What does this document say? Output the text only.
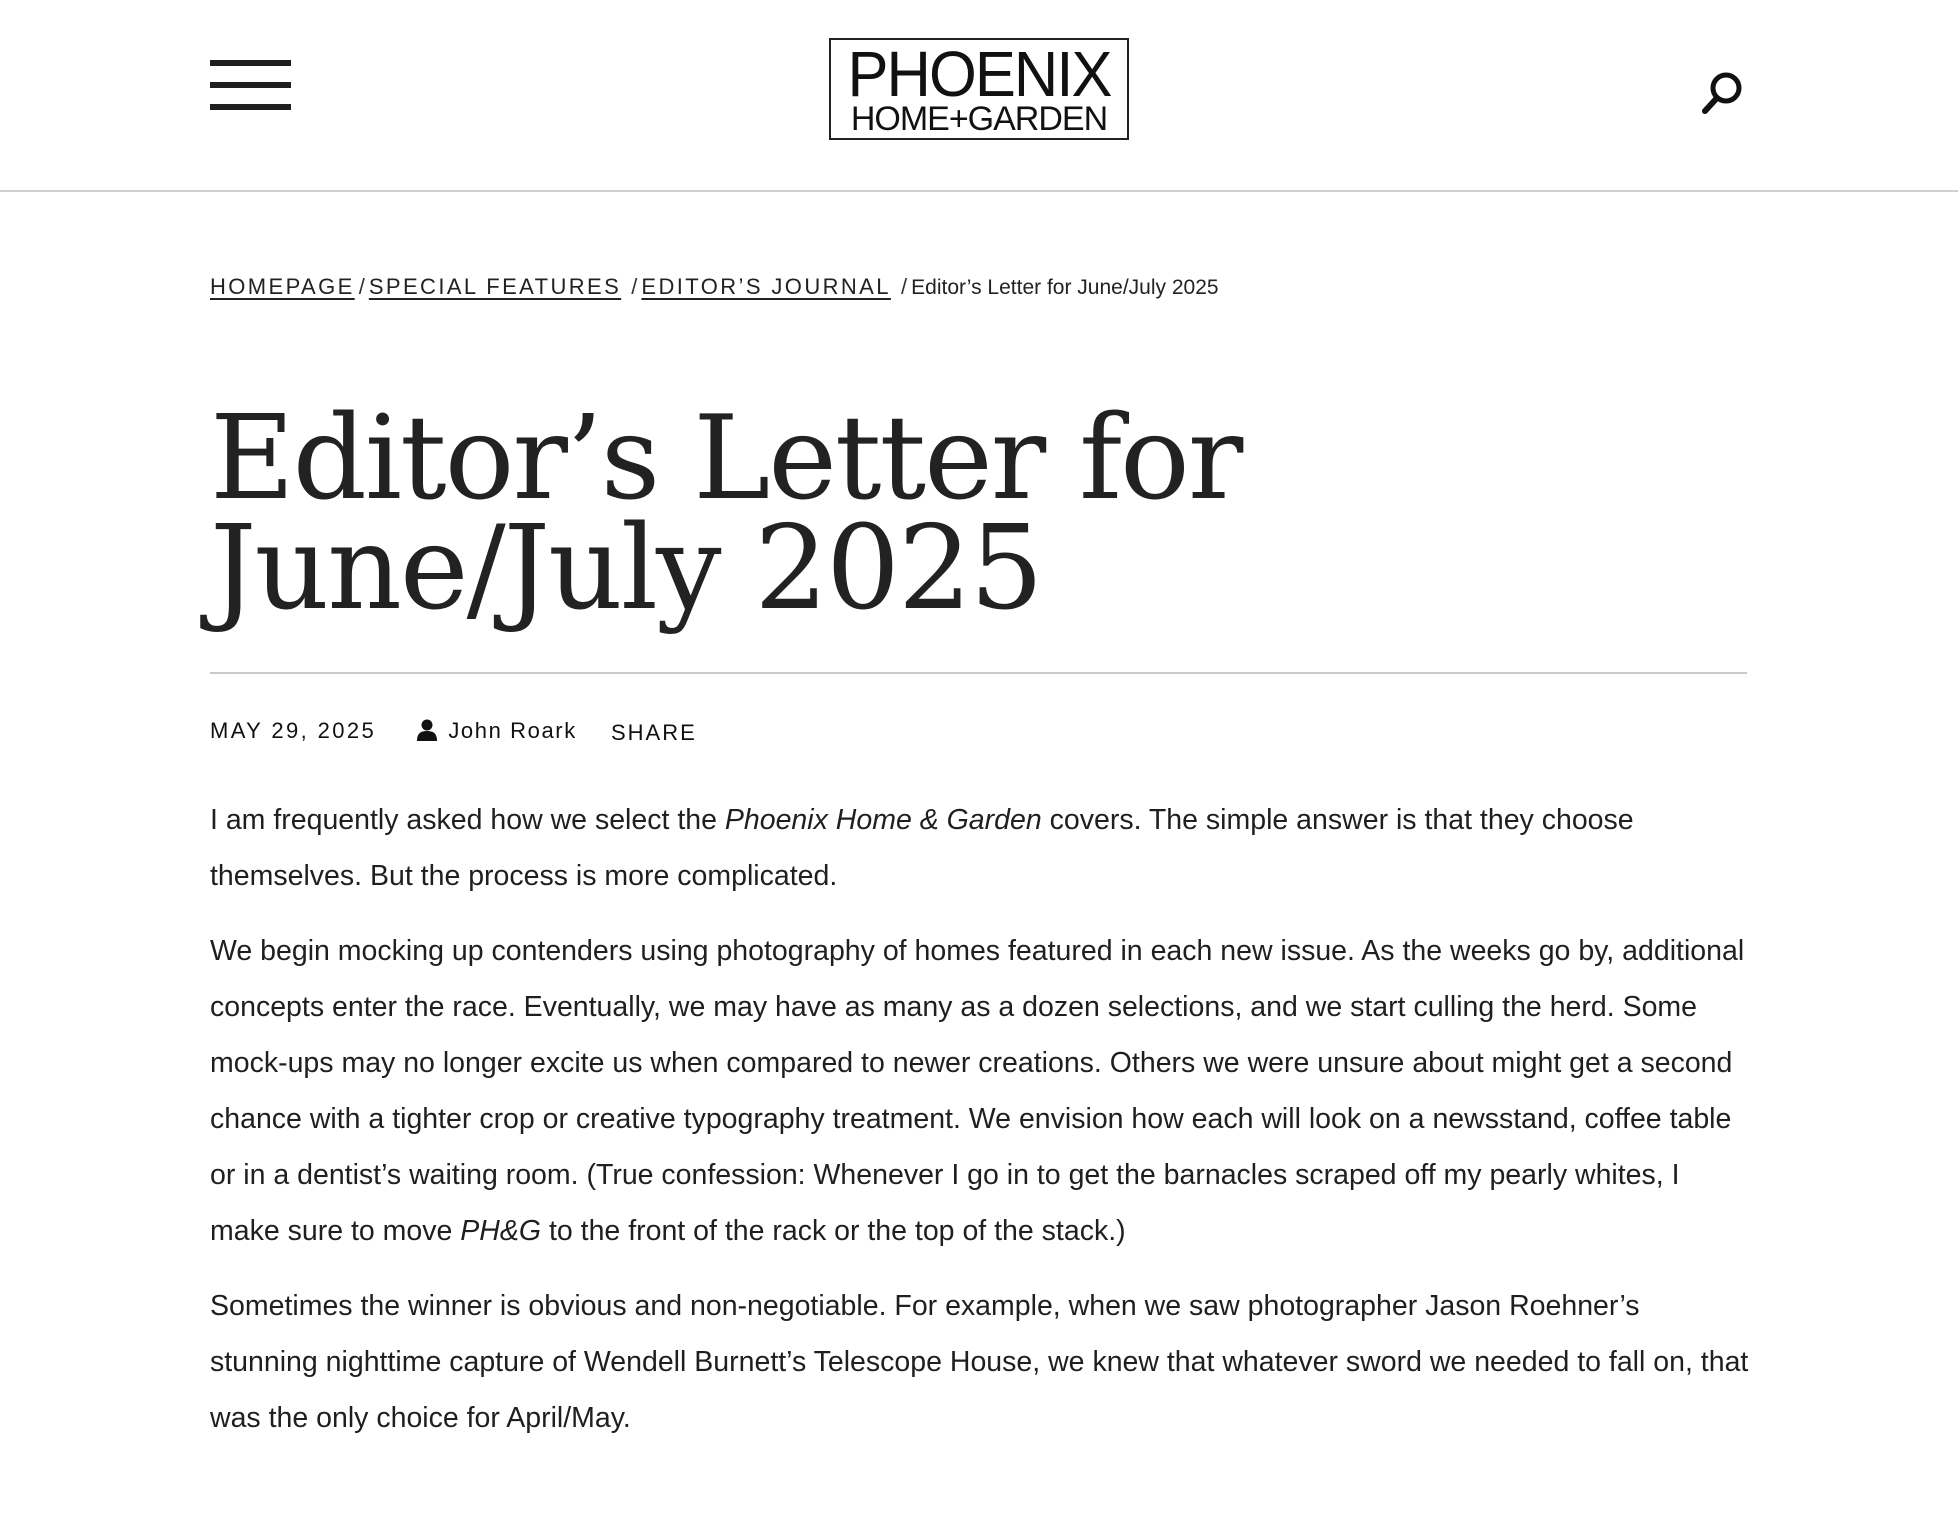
PHOENIX
HOME+GARDEN
HOMEPAGE / SPECIAL FEATURES / EDITOR’S JOURNAL / Editor’s Letter for June/July 2025
Editor’s Letter for June/July 2025
MAY 29, 2025	John Roark SHARE

I am frequently asked how we select the Phoenix Home & Garden covers. The simple answer is that they choose themselves. But the process is more complicated.

We begin mocking up contenders using photography of homes featured in each new issue. As the weeks go by, additional concepts enter the race. Eventually, we may have as many as a dozen selections, and we start culling the herd. Some mock-ups may no longer excite us when compared to newer creations. Others we were unsure about might get a second chance with a tighter crop or creative typography treatment. We envision how each will look on a newsstand, coffee table or in a dentist’s waiting room. (True confession: Whenever I go in to get the barnacles scraped off my pearly whites, I make sure to move PH&G to the front of the rack or the top of the stack.)

Sometimes the winner is obvious and non-negotiable. For example, when we saw photographer Jason Roehner’s stunning nighttime capture of Wendell Burnett’s Telescope House, we knew that whatever sword we needed to fall on, that was the only choice for April/May.
